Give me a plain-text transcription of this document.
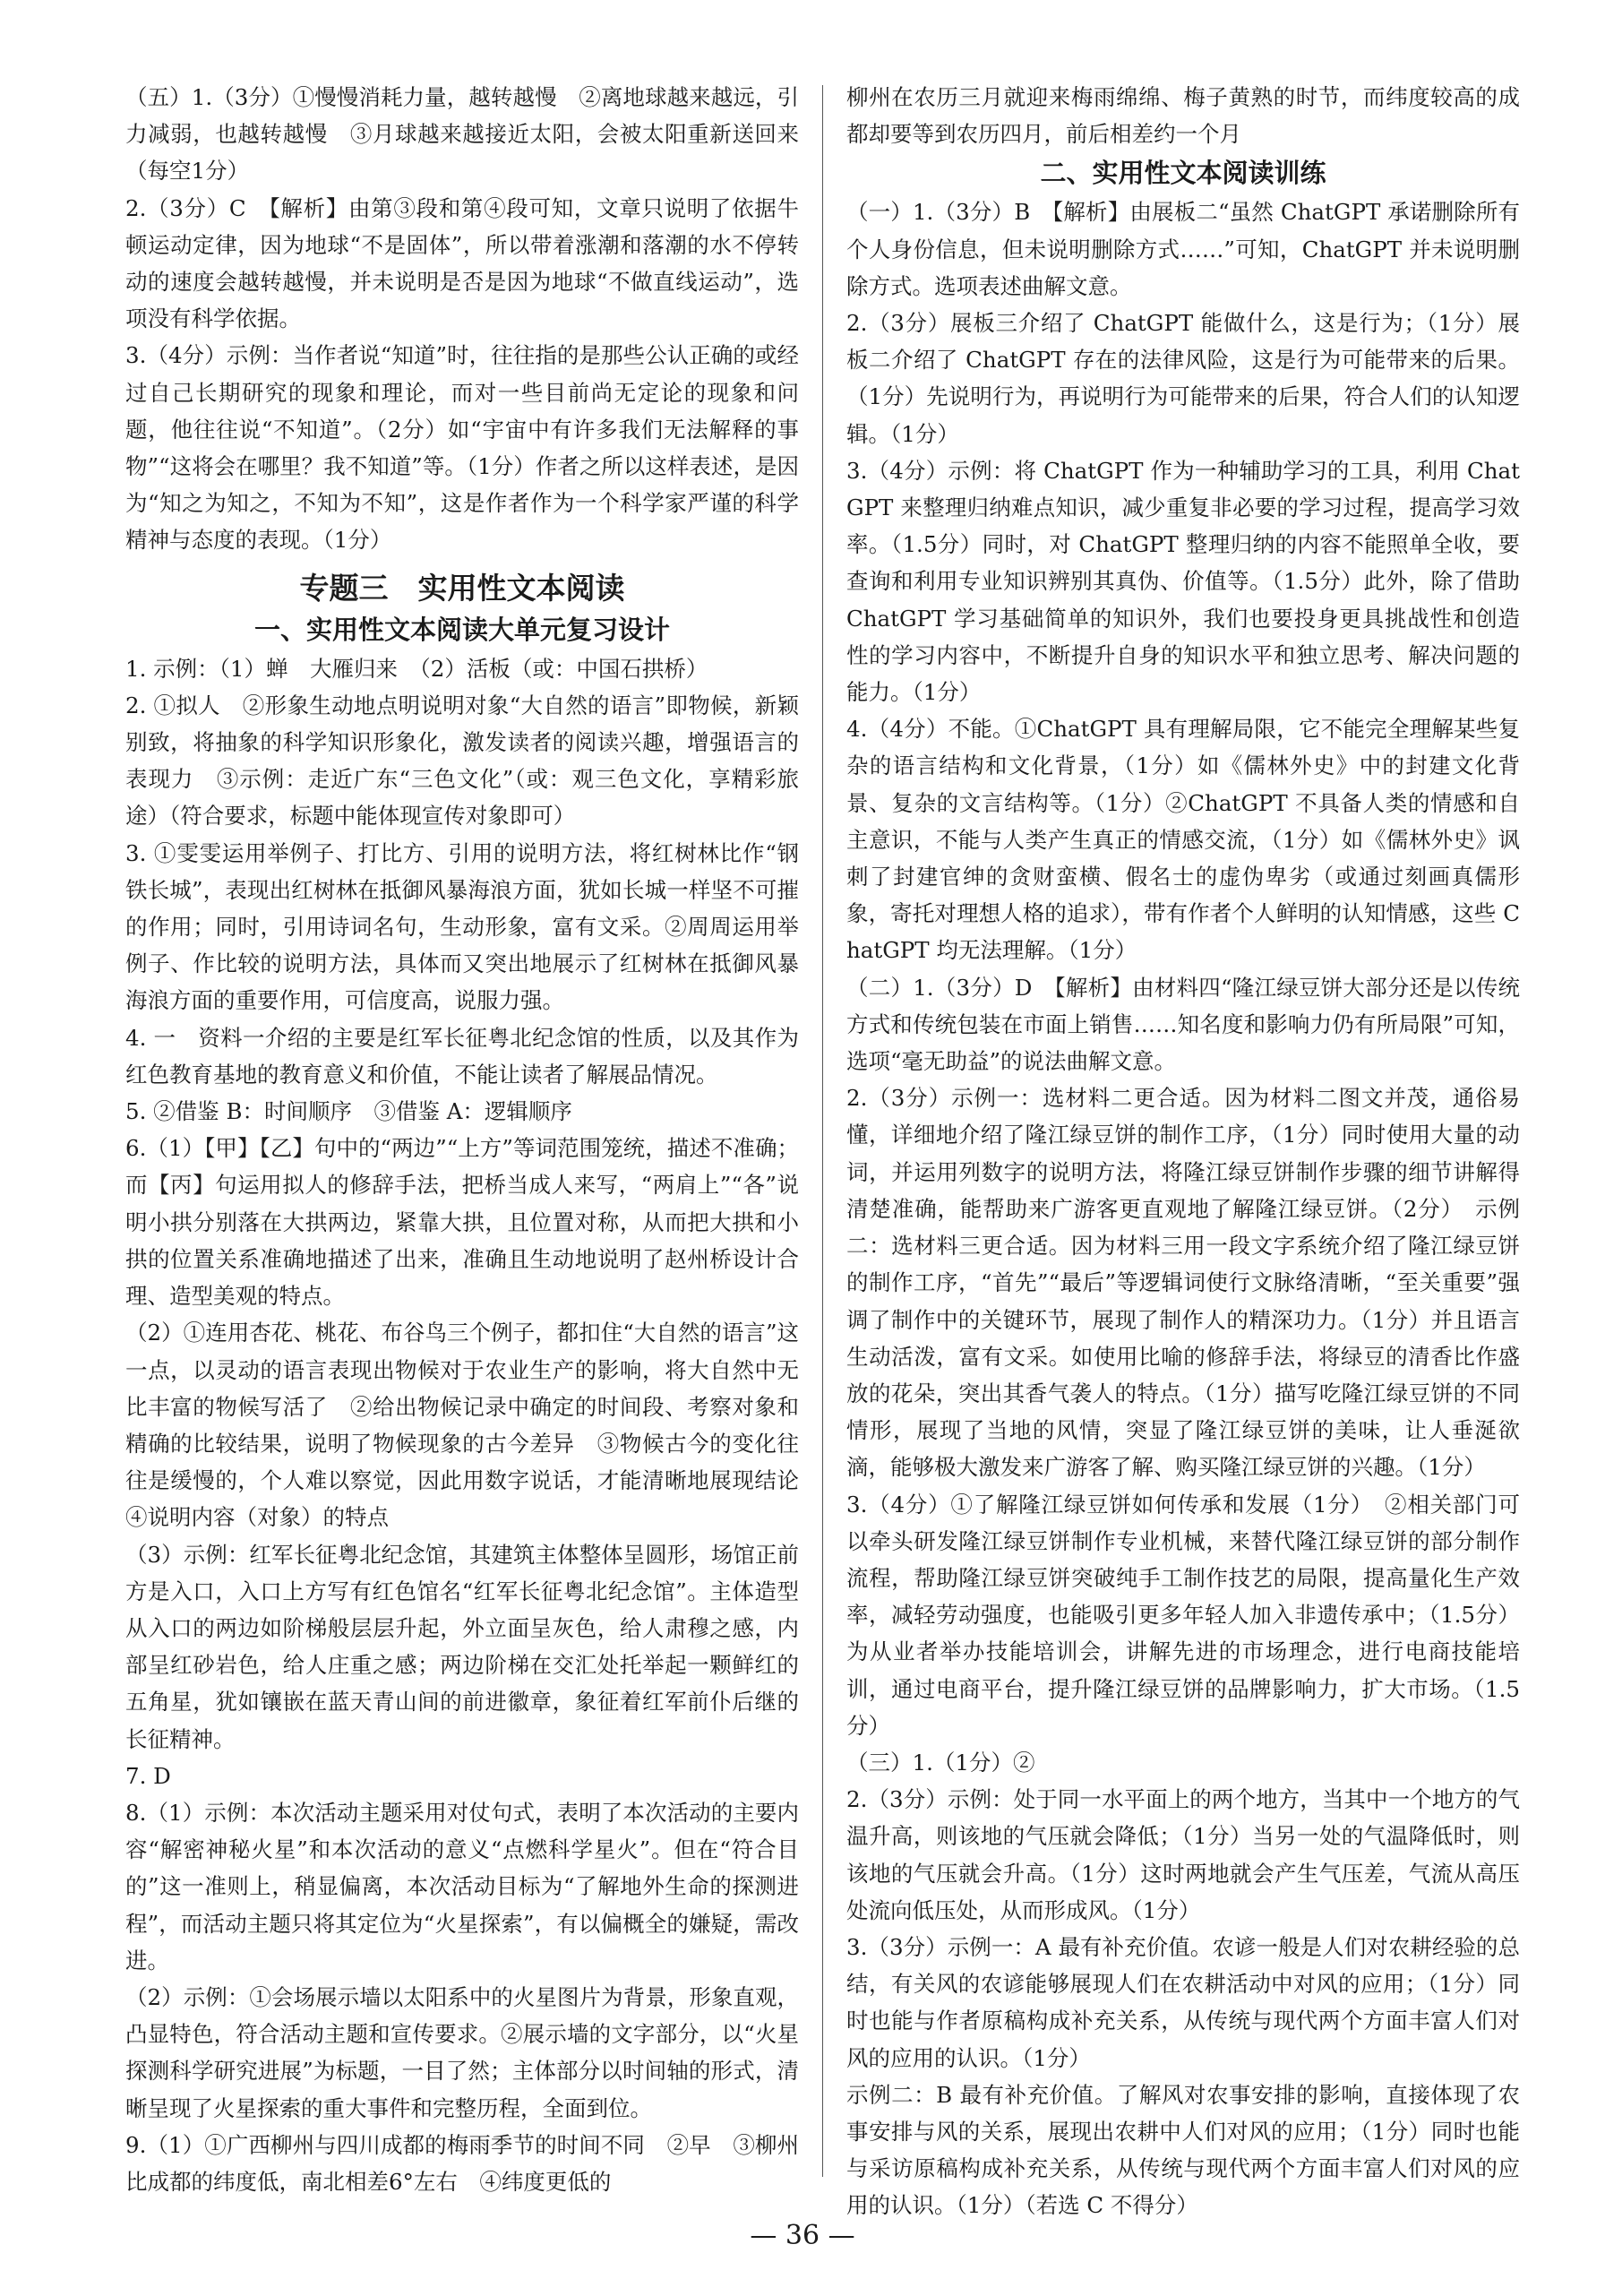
（五）1.（3分）①慢慢消耗力量，越转越慢　②离地球越来越远，引力减弱，也越转越慢　③月球越来越接近太阳，会被太阳重新送回来（每空1分）

2.（3分）C　【解析】由第③段和第④段可知，文章只说明了依据牛顿运动定律，因为地球“不是固体”，所以带着涨潮和落潮的水不停转动的速度会越转越慢，并未说明是否是因为地球“不做直线运动”，选项没有科学依据。

3.（4分）示例：当作者说“知道”时，往往指的是那些公认正确的或经过自己长期研究的现象和理论，而对一些目前尚无定论的现象和问题，他往往说“不知道”。（2分）如“宇宙中有许多我们无法解释的事物”“这将会在哪里？我不知道”等。（1分）作者之所以这样表述，是因为“知之为知之，不知为不知”，这是作者作为一个科学家严谨的科学精神与态度的表现。（1分）

专题三　实用性文本阅读
一、实用性文本阅读大单元复习设计

1. 示例：（1）蝉　大雁归来　（2）活板（或：中国石拱桥）

2. ①拟人　②形象生动地点明说明对象“大自然的语言”即物候，新颖别致，将抽象的科学知识形象化，激发读者的阅读兴趣，增强语言的表现力　③示例：走近广东“三色文化”（或：观三色文化，享精彩旅途）（符合要求，标题中能体现宣传对象即可）

3. ①雯雯运用举例子、打比方、引用的说明方法，将红树林比作“钢铁长城”，表现出红树林在抵御风暴海浪方面，犹如长城一样坚不可摧的作用；同时，引用诗词名句，生动形象，富有文采。②周周运用举例子、作比较的说明方法，具体而又突出地展示了红树林在抵御风暴海浪方面的重要作用，可信度高，说服力强。

4. 一　资料一介绍的主要是红军长征粤北纪念馆的性质，以及其作为红色教育基地的教育意义和价值，不能让读者了解展品情况。

5. ②借鉴 B：时间顺序　③借鉴 A：逻辑顺序

6.（1）【甲】【乙】句中的“两边”“上方”等词范围笼统，描述不准确；而【丙】句运用拟人的修辞手法，把桥当成人来写，“两肩上”“各”说明小拱分别落在大拱两边，紧靠大拱，且位置对称，从而把大拱和小拱的位置关系准确地描述了出来，准确且生动地说明了赵州桥设计合理、造型美观的特点。

（2）①连用杏花、桃花、布谷鸟三个例子，都扣住“大自然的语言”这一点，以灵动的语言表现出物候对于农业生产的影响，将大自然中无比丰富的物候写活了　②给出物候记录中确定的时间段、考察对象和精确的比较结果，说明了物候现象的古今差异　③物候古今的变化往往是缓慢的，个人难以察觉，因此用数字说话，才能清晰地展现结论　④说明内容（对象）的特点

（3）示例：红军长征粤北纪念馆，其建筑主体整体呈圆形，场馆正前方是入口，入口上方写有红色馆名“红军长征粤北纪念馆”。主体造型从入口的两边如阶梯般层层升起，外立面呈灰色，给人肃穆之感，内部呈红砂岩色，给人庄重之感；两边阶梯在交汇处托举起一颗鲜红的五角星，犹如镶嵌在蓝天青山间的前进徽章，象征着红军前仆后继的长征精神。

7. D

8.（1）示例：本次活动主题采用对仗句式，表明了本次活动的主要内容“解密神秘火星”和本次活动的意义“点燃科学星火”。但在“符合目的”这一准则上，稍显偏离，本次活动目标为“了解地外生命的探测进程”，而活动主题只将其定位为“火星探索”，有以偏概全的嫌疑，需改进。

（2）示例：①会场展示墙以太阳系中的火星图片为背景，形象直观，凸显特色，符合活动主题和宣传要求。②展示墙的文字部分，以“火星探测科学研究进展”为标题，一目了然；主体部分以时间轴的形式，清晰呈现了火星探索的重大事件和完整历程，全面到位。

9.（1）①广西柳州与四川成都的梅雨季节的时间不同　②早　③柳州比成都的纬度低，南北相差6°左右　④纬度更低的

柳州在农历三月就迎来梅雨绵绵、梅子黄熟的时节，而纬度较高的成都却要等到农历四月，前后相差约一个月

二、实用性文本阅读训练

（一）1.（3分）B　【解析】由展板二“虽然 ChatGPT 承诺删除所有个人身份信息，但未说明删除方式……”可知，ChatGPT 并未说明删除方式。选项表述曲解文意。

2.（3分）展板三介绍了 ChatGPT 能做什么，这是行为；（1分）展板二介绍了 ChatGPT 存在的法律风险，这是行为可能带来的后果。（1分）先说明行为，再说明行为可能带来的后果，符合人们的认知逻辑。（1分）

3.（4分）示例：将 ChatGPT 作为一种辅助学习的工具，利用 ChatGPT 来整理归纳难点知识，减少重复非必要的学习过程，提高学习效率。（1.5分）同时，对 ChatGPT 整理归纳的内容不能照单全收，要查询和利用专业知识辨别其真伪、价值等。（1.5分）此外，除了借助 ChatGPT 学习基础简单的知识外，我们也要投身更具挑战性和创造性的学习内容中，不断提升自身的知识水平和独立思考、解决问题的能力。（1分）

4.（4分）不能。①ChatGPT 具有理解局限，它不能完全理解某些复杂的语言结构和文化背景，（1分）如《儒林外史》中的封建文化背景、复杂的文言结构等。（1分）②ChatGPT 不具备人类的情感和自主意识，不能与人类产生真正的情感交流，（1分）如《儒林外史》讽刺了封建官绅的贪财蛮横、假名士的虚伪卑劣（或通过刻画真儒形象，寄托对理想人格的追求），带有作者个人鲜明的认知情感，这些 ChatGPT 均无法理解。（1分）

（二）1.（3分）D　【解析】由材料四“隆江绿豆饼大部分还是以传统方式和传统包装在市面上销售……知名度和影响力仍有所局限”可知，选项“毫无助益”的说法曲解文意。

2.（3分）示例一：选材料二更合适。因为材料二图文并茂，通俗易懂，详细地介绍了隆江绿豆饼的制作工序，（1分）同时使用大量的动词，并运用列数字的说明方法，将隆江绿豆饼制作步骤的细节讲解得清楚准确，能帮助来广游客更直观地了解隆江绿豆饼。（2分）　示例二：选材料三更合适。因为材料三用一段文字系统介绍了隆江绿豆饼的制作工序，“首先”“最后”等逻辑词使行文脉络清晰，“至关重要”强调了制作中的关键环节，展现了制作人的精深功力。（1分）并且语言生动活泼，富有文采。如使用比喻的修辞手法，将绿豆的清香比作盛放的花朵，突出其香气袭人的特点。（1分）描写吃隆江绿豆饼的不同情形，展现了当地的风情，突显了隆江绿豆饼的美味，让人垂涎欲滴，能够极大激发来广游客了解、购买隆江绿豆饼的兴趣。（1分）

3.（4分）①了解隆江绿豆饼如何传承和发展（1分）　②相关部门可以牵头研发隆江绿豆饼制作专业机械，来替代隆江绿豆饼的部分制作流程，帮助隆江绿豆饼突破纯手工制作技艺的局限，提高量化生产效率，减轻劳动强度，也能吸引更多年轻人加入非遗传承中；（1.5分）为从业者举办技能培训会，讲解先进的市场理念，进行电商技能培训，通过电商平台，提升隆江绿豆饼的品牌影响力，扩大市场。（1.5分）

（三）1.（1分）②

2.（3分）示例：处于同一水平面上的两个地方，当其中一个地方的气温升高，则该地的气压就会降低；（1分）当另一处的气温降低时，则该地的气压就会升高。（1分）这时两地就会产生气压差，气流从高压处流向低压处，从而形成风。（1分）

3.（3分）示例一：A 最有补充价值。农谚一般是人们对农耕经验的总结，有关风的农谚能够展现人们在农耕活动中对风的应用；（1分）同时也能与作者原稿构成补充关系，从传统与现代两个方面丰富人们对风的应用的认识。（1分）

示例二：B 最有补充价值。了解风对农事安排的影响，直接体现了农事安排与风的关系，展现出农耕中人们对风的应用；（1分）同时也能与采访原稿构成补充关系，从传统与现代两个方面丰富人们对风的应用的认识。（1分）（若选 C 不得分）

— 36 —
